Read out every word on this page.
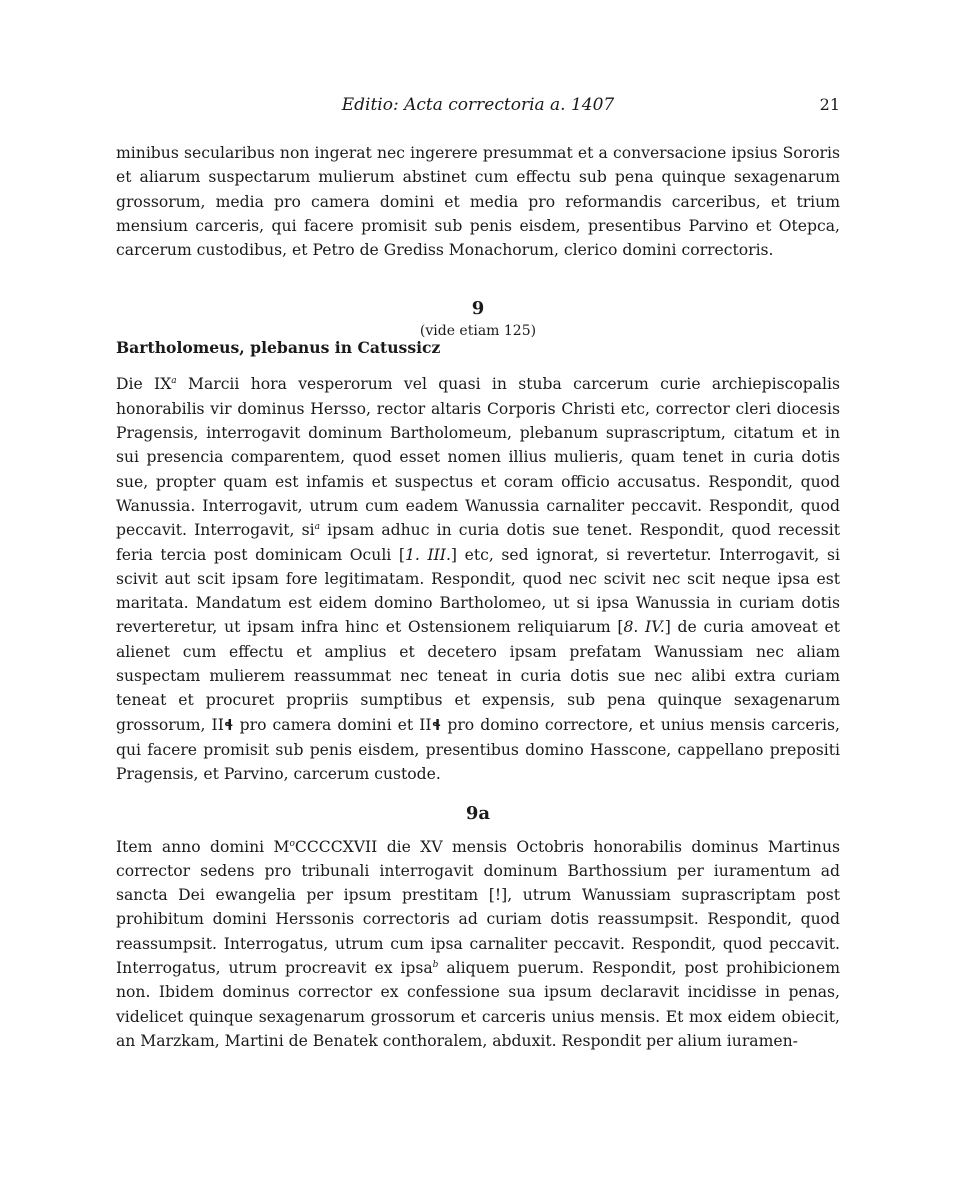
Editio: Acta correctoria a. 1407	21

minibus secularibus non ingerat nec ingerere presummat et a conversacione ipsius Sororis et aliarum suspectarum mulierum abstinet cum effectu sub pena quinque sexagenarum grossorum, media pro camera domini et media pro reformandis carceribus, et trium mensium carceris, qui facere promisit sub penis eisdem, presentibus Parvino et Otepca, carcerum custodibus, et Petro de Grediss Monachorum, clerico domini correctoris.

9
(vide etiam 125)
Bartholomeus, plebanus in Catussicz

Die $IX^a$ Marcii hora vesperorum vel quasi in stuba carcerum curie archiepiscopalis honorabilis vir dominus Hersso, rector altaris Corporis Christi etc, corrector cleri diocesis Pragensis, interrogavit dominum Bartholomeum, plebanum suprascriptum, citatum et in sui presencia comparentem, quod esset nomen illius mulieris, quam tenet in curia dotis sue, propter quam est infamis et suspectus et coram officio accusatus. Respondit, quod Wanussia. Interrogavit, utrum cum eadem Wanussia carnaliter peccavit. Respondit, quod peccavit. Interrogavit, $si^a$ ipsam adhuc in curia dotis sue tenet. Respondit, quod recessit feria tercia post dominicam Oculi [1. III.] etc, sed ignorat, si revertetur. Interrogavit, si scivit aut scit ipsam fore legitimatam. Respondit, quod nec scivit nec scit neque ipsa est maritata. Mandatum est eidem domino Bartholomeo, ut si ipsa Wanussia in curiam dotis reverteretur, ut ipsam infra hinc et Ostensionem reliquiarum [8. IV.] de curia amoveat et alienet cum effectu et amplius et decetero ipsam prefatam Wanussiam nec aliam suspectam mulierem reassummat nec teneat in curia dotis sue nec alibi extra curiam teneat et procuret propriis sumptibus et expensis, sub pena quinque sexagenarum grossorum, IIɬ pro camera domini et IIɬ pro domino correctore, et unius mensis carceris, qui facere promisit sub penis eisdem, presentibus domino Hasscone, cappellano prepositi Pragensis, et Parvino, carcerum custode.

9a

Item anno domini $M^oCCCCXVII$ die XV mensis Octobris honorabilis dominus Martinus corrector sedens pro tribunali interrogavit dominum Barthossium per iuramentum ad sancta Dei ewangelia per ipsum prestitam [!], utrum Wanussiam suprascriptam post prohibitum domini Herssonis correctoris ad curiam dotis reassumpsit. Respondit, quod reassumpsit. Interrogatus, utrum cum ipsa carnaliter peccavit. Respondit, quod peccavit. Interrogatus, utrum procreavit ex ipsa$^b$ aliquem puerum. Respondit, post prohibicionem non. Ibidem dominus corrector ex confessione sua ipsum declaravit incidisse in penas, videlicet quinque sexagenarum grossorum et carceris unius mensis. Et mox eidem obiecit, an Marzkam, Martini de Benatek conthoralem, abduxit. Respondit per alium iuramen-
